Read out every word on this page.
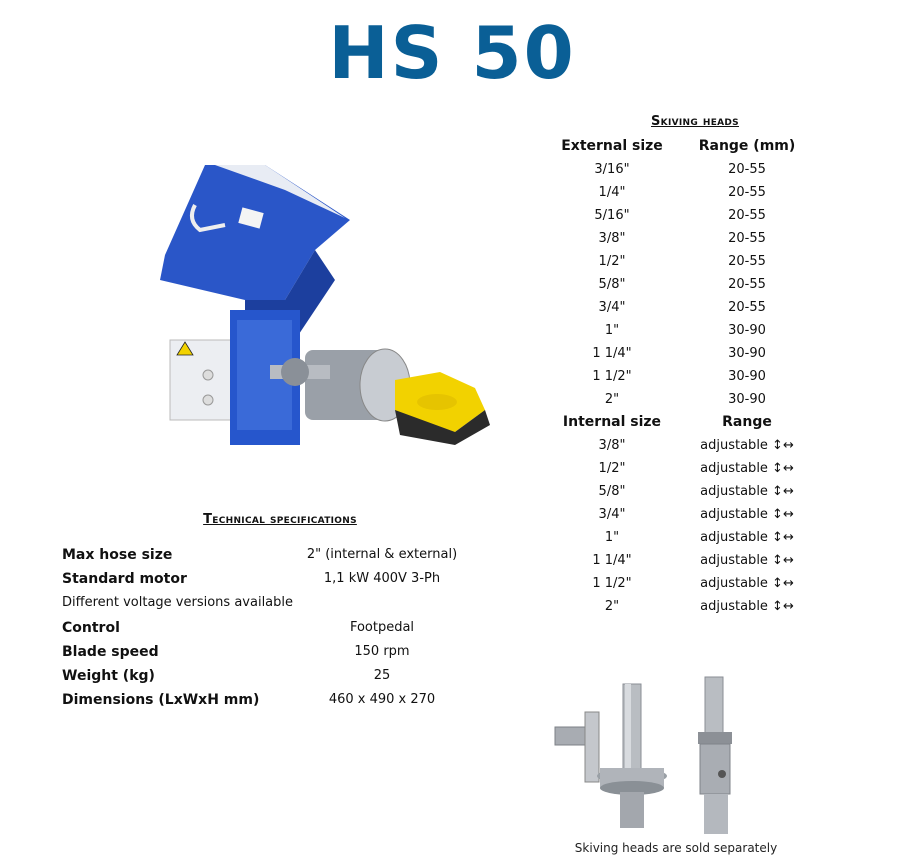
HS 50
Skiving heads
External size	Range (mm)
3/16"	20-55
1/4"	20-55
5/16"	20-55
3/8"	20-55
1/2"	20-55
5/8"	20-55
3/4"	20-55
1"	30-90
1 1/4"	30-90
1 1/2"	30-90
2"	30-90
Internal size	Range
3/8"	adjustable ↕↔
1/2"	adjustable ↕↔
5/8"	adjustable ↕↔
3/4"	adjustable ↕↔
1"	adjustable ↕↔
1 1/4"	adjustable ↕↔
1 1/2"	adjustable ↕↔
2"	adjustable ↕↔
Technical specifications
Max hose size	2" (internal & external)
Standard motor	1,1 kW 400V 3-Ph
Different voltage versions available
Control	Footpedal
Blade speed	150 rpm
Weight (kg)	25
Dimensions (LxWxH mm)	460 x 490 x 270
Skiving heads are sold separately
